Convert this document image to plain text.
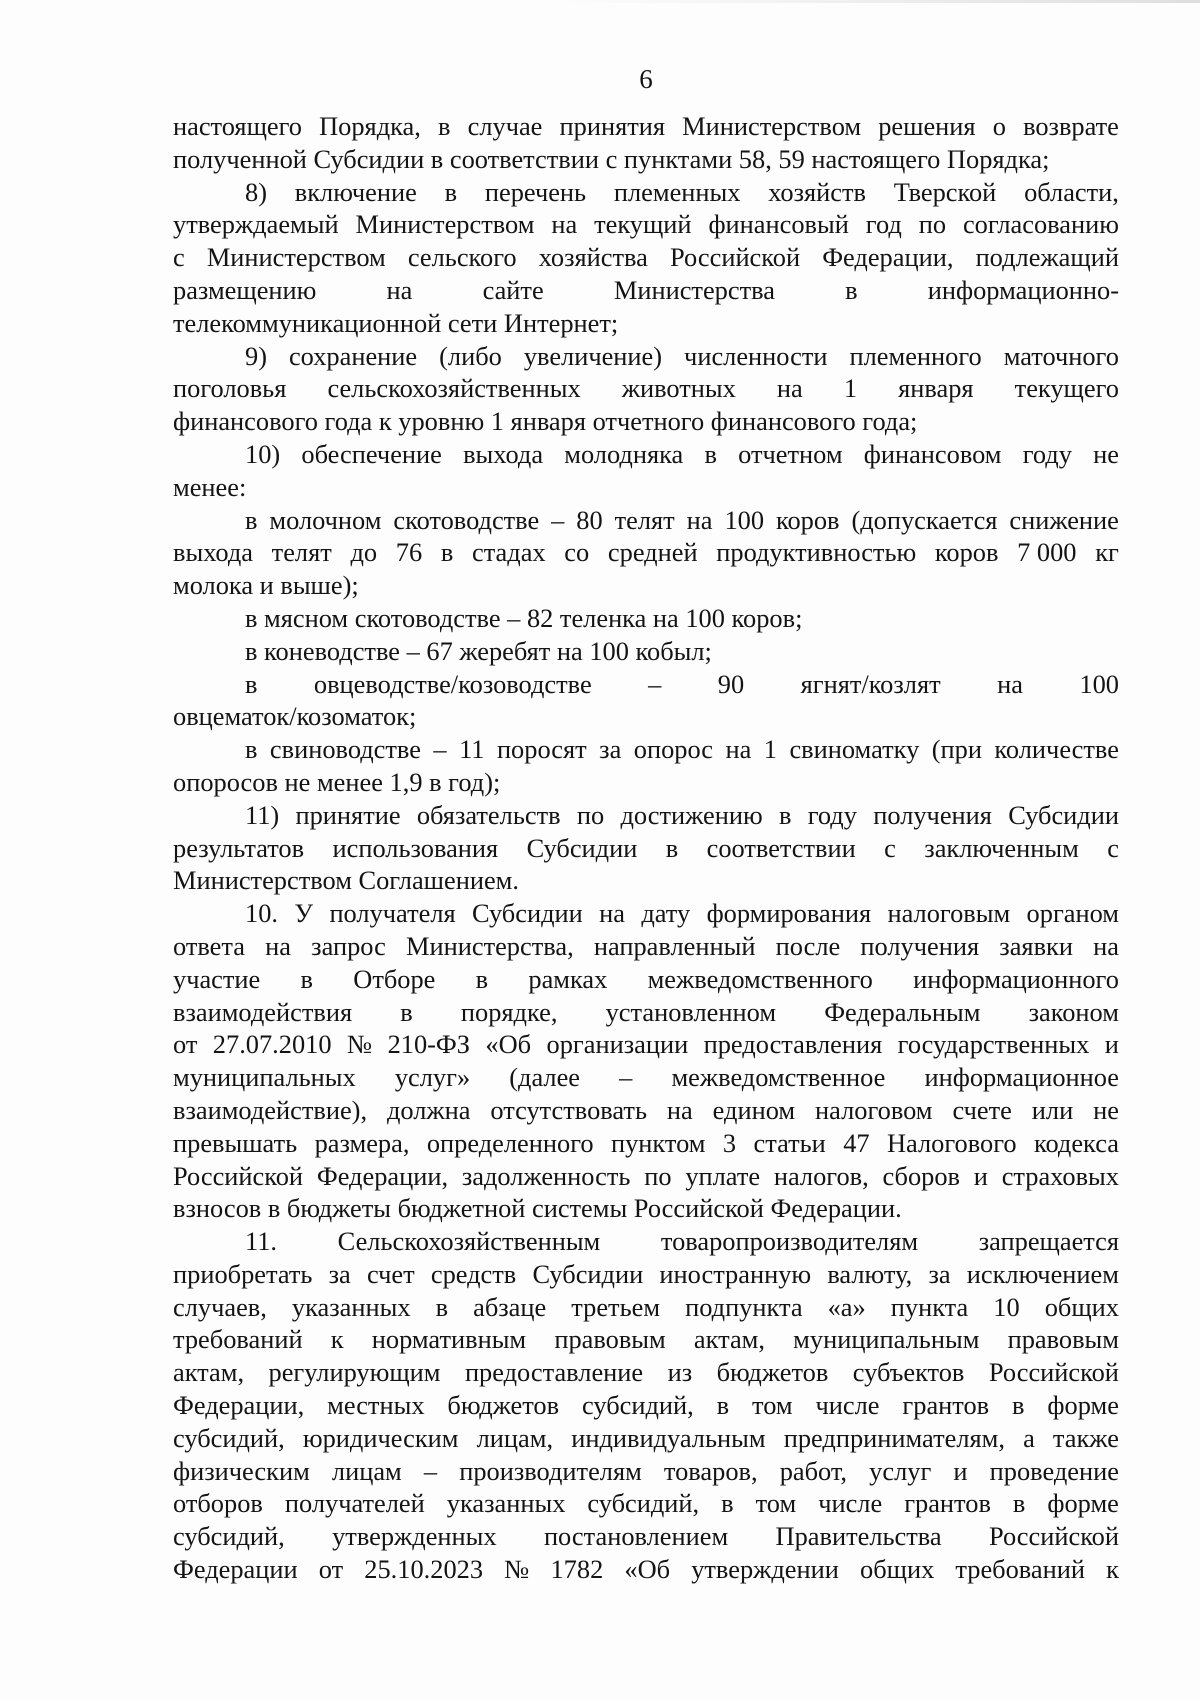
6
настоящего Порядка, в случае принятия Министерством решения о возврате
полученной Субсидии в соответствии с пунктами 58, 59 настоящего Порядка;
8) включение в перечень племенных хозяйств Тверской области,
утверждаемый Министерством на текущий финансовый год по согласованию
с Министерством сельского хозяйства Российской Федерации, подлежащий
размещению	на	сайте	Министерства	в	информационно-
телекоммуникационной сети Интернет;
9) сохранение (либо увеличение) численности племенного маточного
поголовья сельскохозяйственных животных на 1 января текущего
финансового года к уровню 1 января отчетного финансового года;
10) обеспечение выхода молодняка в отчетном финансовом году не
менее:
в молочном скотоводстве – 80 телят на 100 коров (допускается снижение
выхода телят до 76 в стадах со средней продуктивностью коров 7 000 кг
молока и выше);
в мясном скотоводстве – 82 теленка на 100 коров;
в коневодстве – 67 жеребят на 100 кобыл;
в овцеводстве/козоводстве – 90 ягнят/козлят на 100
овцематок/козоматок;
в свиноводстве – 11 поросят за опорос на 1 свиноматку (при количестве
опоросов не менее 1,9 в год);
11) принятие обязательств по достижению в году получения Субсидии
результатов использования Субсидии в соответствии с заключенным с
Министерством Соглашением.
10. У получателя Субсидии на дату формирования налоговым органом
ответа на запрос Министерства, направленный после получения заявки на
участие в Отборе в рамках межведомственного информационного
взаимодействия в порядке, установленном Федеральным законом
от 27.07.2010 № 210-ФЗ «Об организации предоставления государственных и
муниципальных услуг» (далее – межведомственное информационное
взаимодействие), должна отсутствовать на едином налоговом счете или не
превышать размера, определенного пунктом 3 статьи 47 Налогового кодекса
Российской Федерации, задолженность по уплате налогов, сборов и страховых
взносов в бюджеты бюджетной системы Российской Федерации.
11. Сельскохозяйственным товаропроизводителям запрещается
приобретать за счет средств Субсидии иностранную валюту, за исключением
случаев, указанных в абзаце третьем подпункта «а» пункта 10 общих
требований к нормативным правовым актам, муниципальным правовым
актам, регулирующим предоставление из бюджетов субъектов Российской
Федерации, местных бюджетов субсидий, в том числе грантов в форме
субсидий, юридическим лицам, индивидуальным предпринимателям, а также
физическим лицам – производителям товаров, работ, услуг и проведение
отборов получателей указанных субсидий, в том числе грантов в форме
субсидий, утвержденных постановлением Правительства Российской
Федерации от 25.10.2023 № 1782 «Об утверждении общих требований к
